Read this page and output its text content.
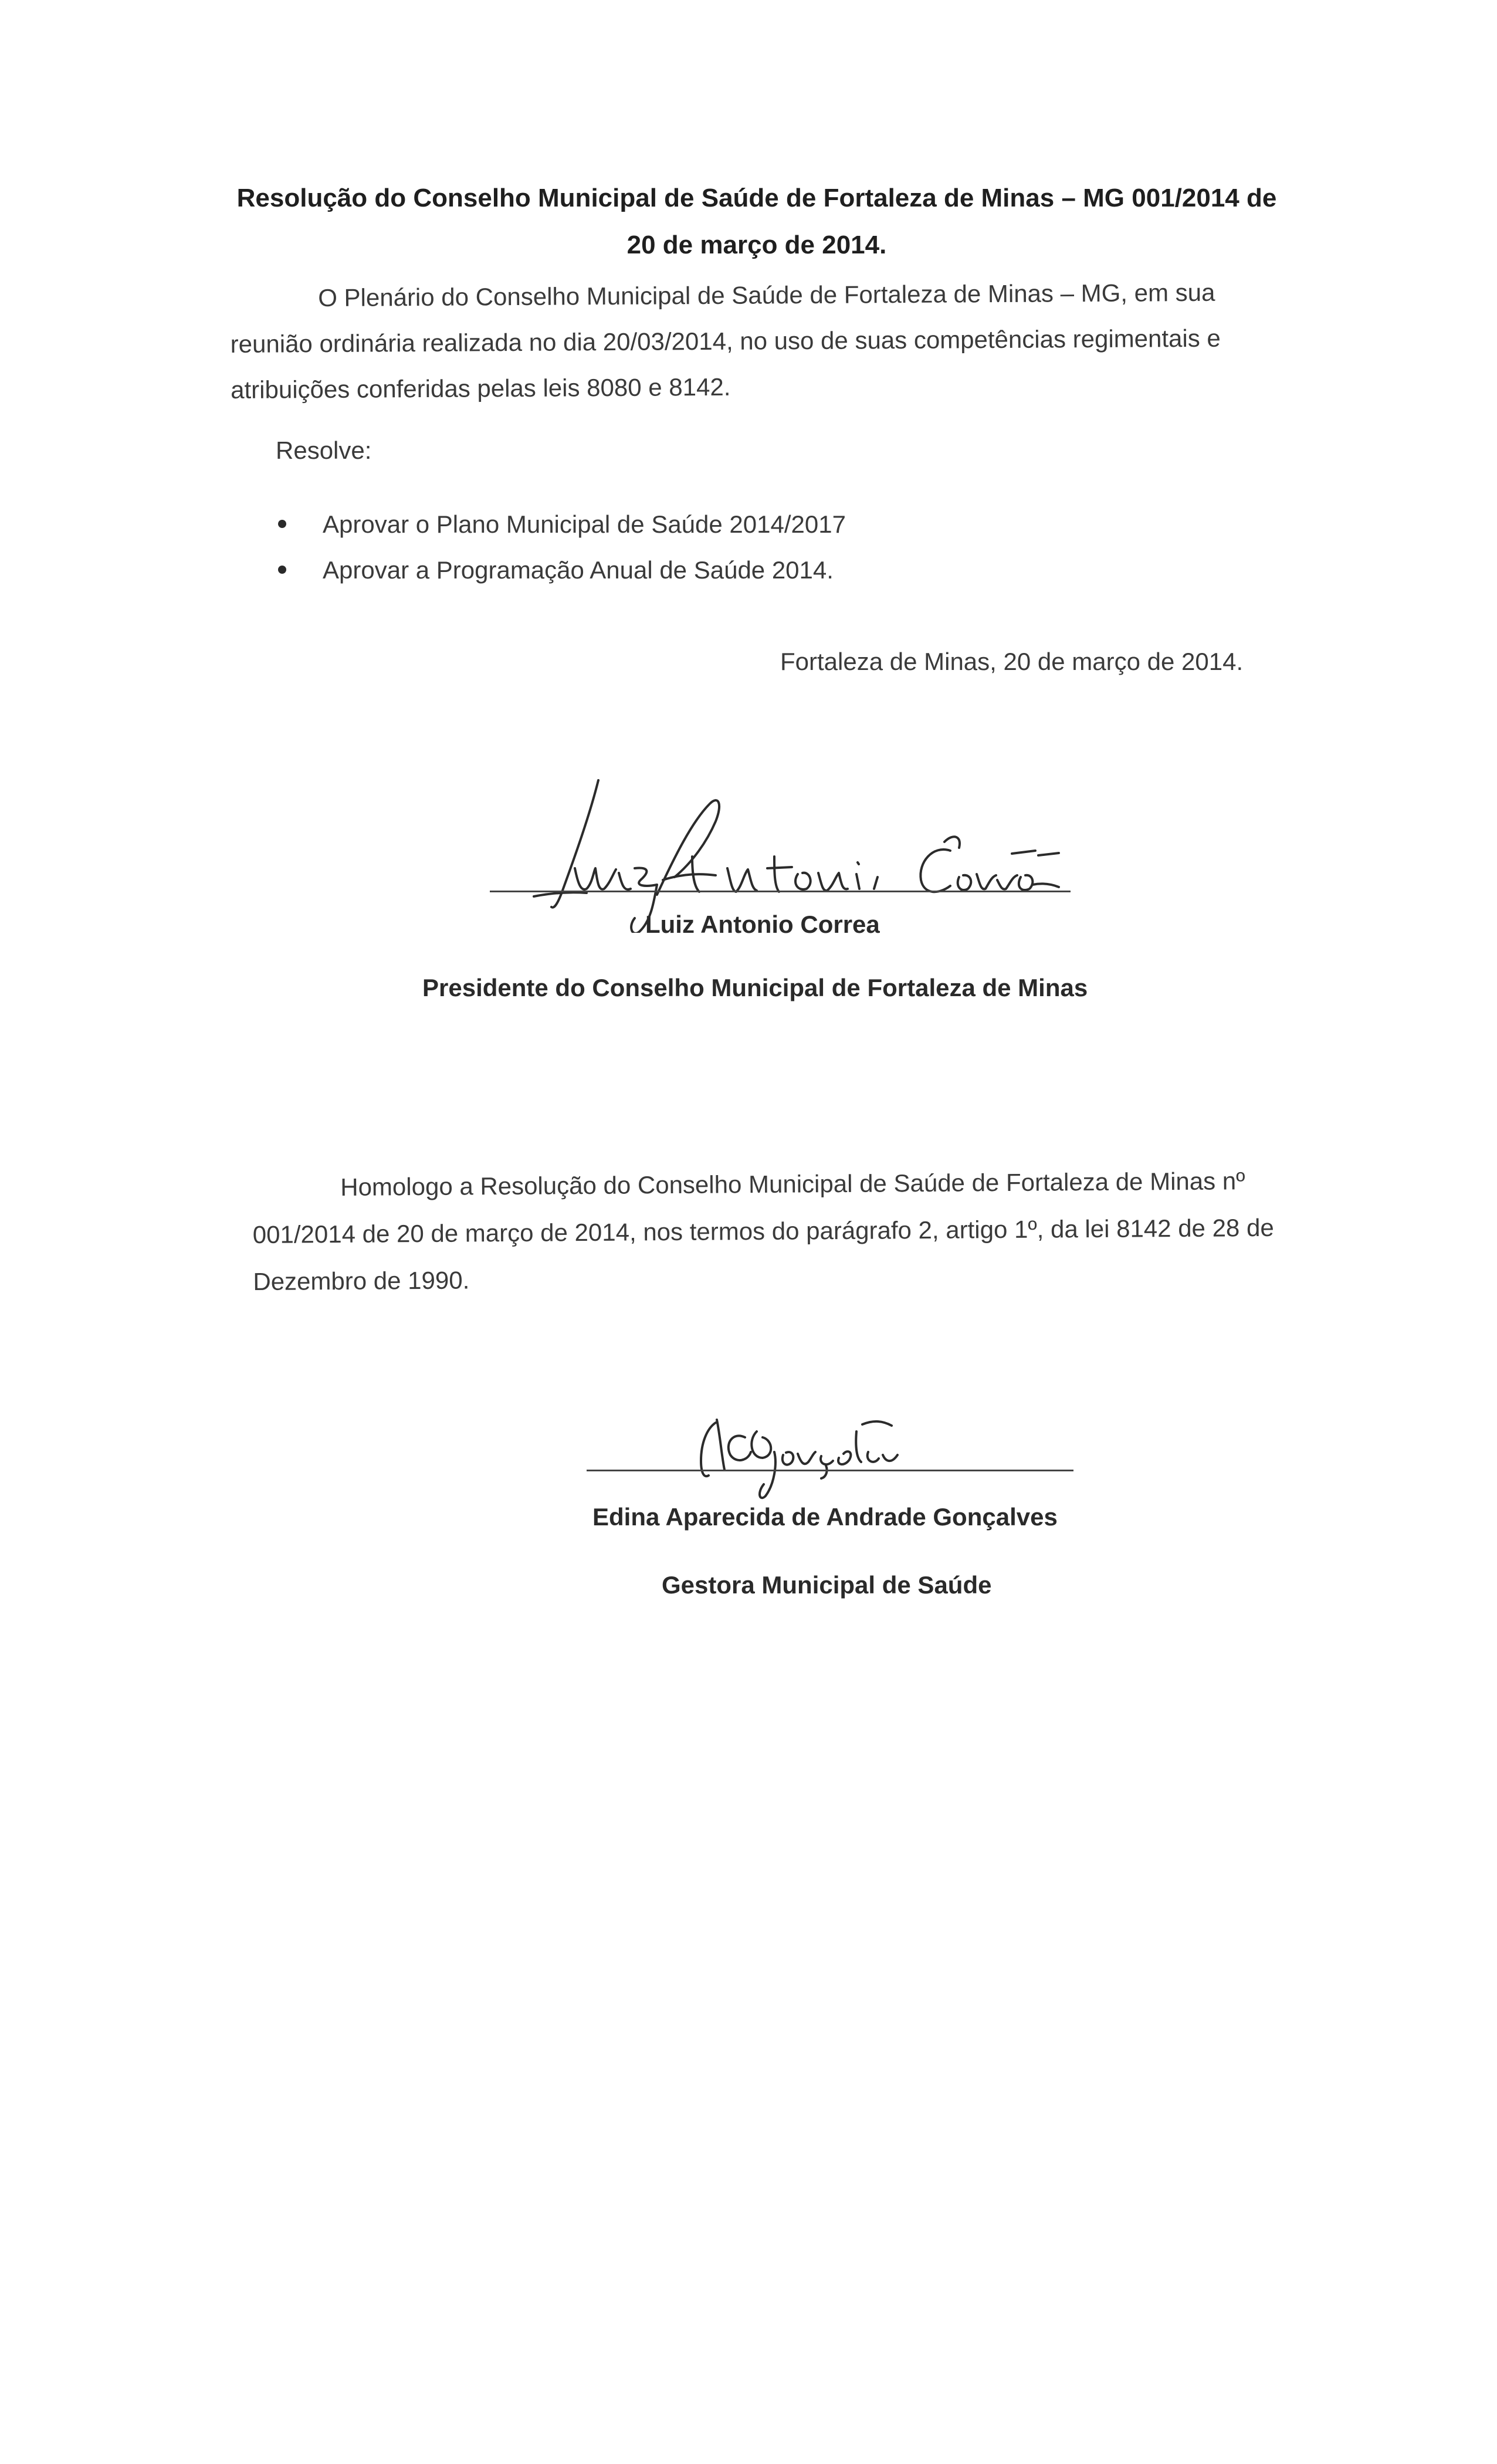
Resolução do Conselho Municipal de Saúde de Fortaleza de Minas – MG 001/2014 de 20 de março de 2014.

O Plenário do Conselho Municipal de Saúde de Fortaleza de Minas – MG, em sua reunião ordinária realizada no dia 20/03/2014, no uso de suas competências regimentais e atribuições conferidas pelas leis 8080 e 8142.

Resolve:

Aprovar o Plano Municipal de Saúde 2014/2017
Aprovar a Programação Anual de Saúde 2014.

Fortaleza de Minas, 20 de março de 2014.

Luiz Antonio Correa

Presidente do Conselho Municipal de Fortaleza de Minas

Homologo a Resolução do Conselho Municipal de Saúde de Fortaleza de Minas nº 001/2014 de 20 de março de 2014, nos termos do parágrafo 2, artigo 1º, da lei 8142 de 28 de Dezembro de 1990.

Edina Aparecida de Andrade Gonçalves

Gestora Municipal de Saúde
